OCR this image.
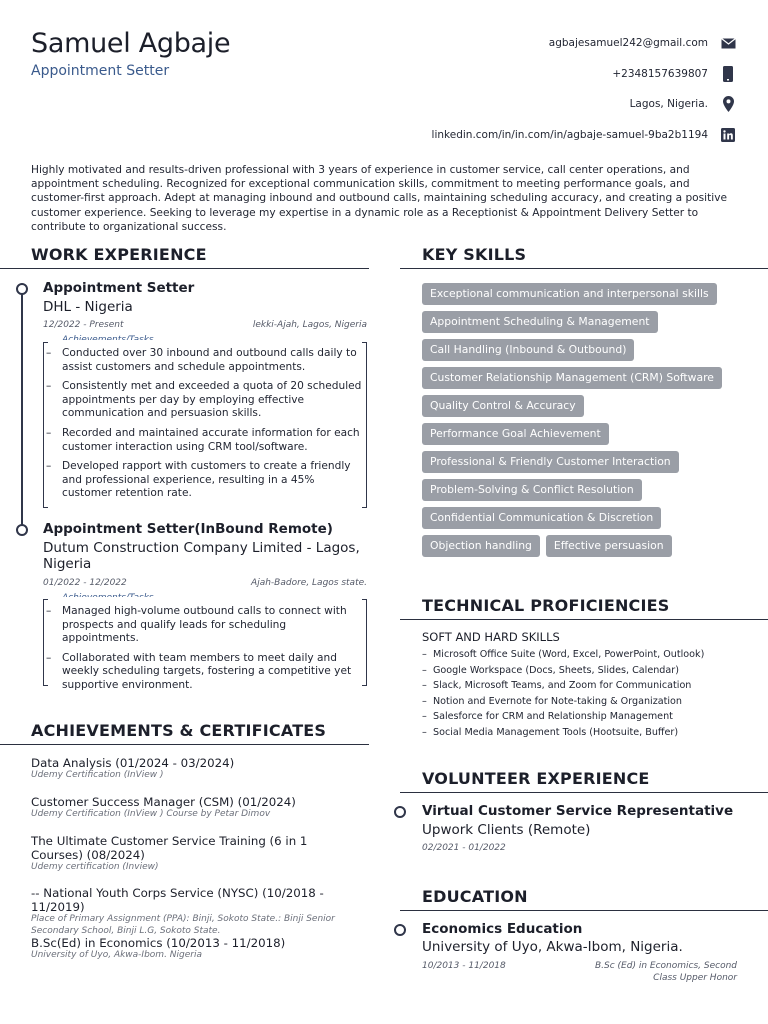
Samuel Agbaje
Appointment Setter
agbajesamuel242@gmail.com
+2348157639807
Lagos, Nigeria.
linkedin.com/in/in.com/in/agbaje-samuel-9ba2b1194
Highly motivated and results-driven professional with 3 years of experience in customer service, call center operations, and appointment scheduling. Recognized for exceptional communication skills, commitment to meeting performance goals, and customer-first approach. Adept at managing inbound and outbound calls, maintaining scheduling accuracy, and creating a positive customer experience. Seeking to leverage my expertise in a dynamic role as a Receptionist & Appointment Delivery Setter to contribute to organizational success.
WORK EXPERIENCE
Appointment Setter
DHL - Nigeria
12/2022 - Present	lekki-Ajah, Lagos, Nigeria
– Conducted over 30 inbound and outbound calls daily to assist customers and schedule appointments.
– Consistently met and exceeded a quota of 20 scheduled appointments per day by employing effective communication and persuasion skills.
– Recorded and maintained accurate information for each customer interaction using CRM tool/software.
– Developed rapport with customers to create a friendly and professional experience, resulting in a 45% customer retention rate.
Appointment Setter(InBound Remote)
Dutum Construction Company Limited - Lagos, Nigeria
01/2022 - 12/2022	Ajah-Badore, Lagos state.
– Managed high-volume outbound calls to connect with prospects and qualify leads for scheduling appointments.
– Collaborated with team members to meet daily and weekly scheduling targets, fostering a competitive yet supportive environment.
ACHIEVEMENTS & CERTIFICATES
Data Analysis (01/2024 - 03/2024)
Udemy Certification (InView )
Customer Success Manager (CSM) (01/2024)
Udemy Certification (InView ) Course by Petar Dimov
The Ultimate Customer Service Training (6 in 1 Courses) (08/2024)
Udemy certification (Inview)
-- National Youth Corps Service (NYSC) (10/2018 - 11/2019)
Place of Primary Assignment (PPA): Binji, Sokoto State.: Binji Senior Secondary School, Binji L.G, Sokoto State.
B.Sc(Ed) in Economics (10/2013 - 11/2018)
University of Uyo, Akwa-Ibom. Nigeria
KEY SKILLS
Exceptional communication and interpersonal skills
Appointment Scheduling & Management
Call Handling (Inbound & Outbound)
Customer Relationship Management (CRM) Software
Quality Control & Accuracy
Performance Goal Achievement
Professional & Friendly Customer Interaction
Problem-Solving & Conflict Resolution
Confidential Communication & Discretion
Objection handling	Effective persuasion
TECHNICAL PROFICIENCIES
SOFT AND HARD SKILLS
– Microsoft Office Suite (Word, Excel, PowerPoint, Outlook)
– Google Workspace (Docs, Sheets, Slides, Calendar)
– Slack, Microsoft Teams, and Zoom for Communication
– Notion and Evernote for Note-taking & Organization
– Salesforce for CRM and Relationship Management
– Social Media Management Tools (Hootsuite, Buffer)
VOLUNTEER EXPERIENCE
Virtual Customer Service Representative
Upwork Clients (Remote)
02/2021 - 01/2022
EDUCATION
Economics Education
University of Uyo, Akwa-Ibom, Nigeria.
10/2013 - 11/2018	B.Sc (Ed) in Economics, Second Class Upper Honor
